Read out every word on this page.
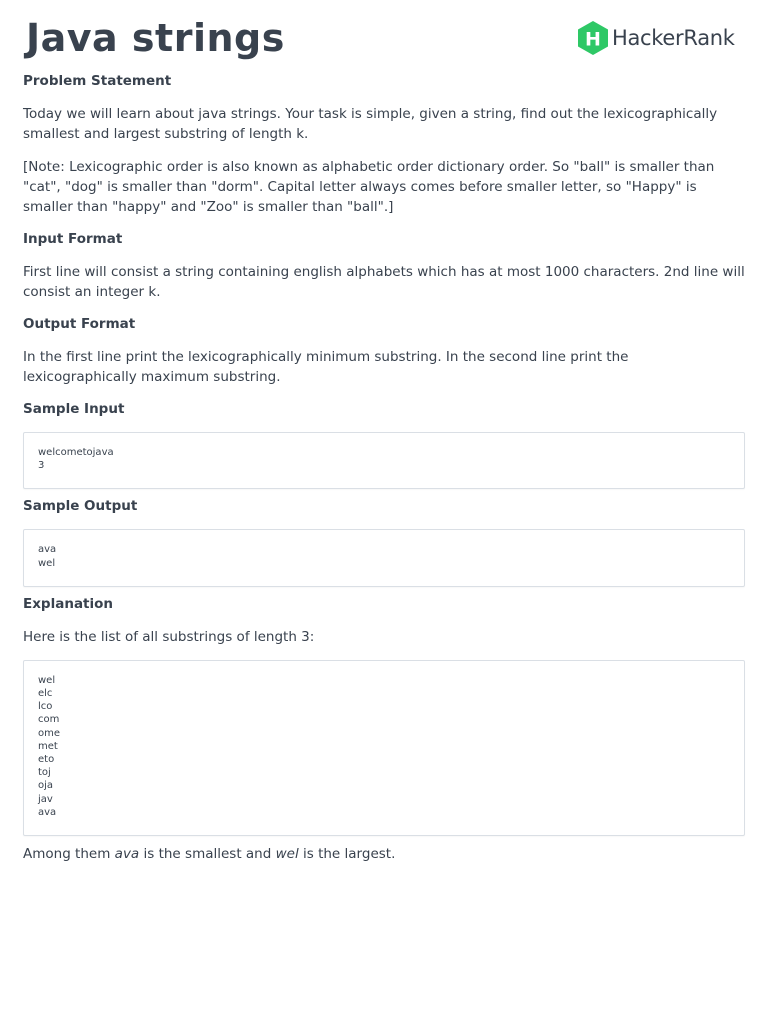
Java strings	H HackerRank
Problem Statement

Today we will learn about java strings. Your task is simple, given a string, find out the lexicographically smallest and largest substring of length k.

[Note: Lexicographic order is also known as alphabetic order dictionary order. So "ball" is smaller than "cat", "dog" is smaller than "dorm". Capital letter always comes before smaller letter, so "Happy" is smaller than "happy" and "Zoo" is smaller than "ball".]

Input Format

First line will consist a string containing english alphabets which has at most 1000 characters. 2nd line will consist an integer k.

Output Format

In the first line print the lexicographically minimum substring. In the second line print the lexicographically maximum substring.

Sample Input
welcometojava
3
Sample Output
ava
wel
Explanation

Here is the list of all substrings of length 3:

wel
elc
lco
com
ome
met
eto
toj
oja
jav
ava

Among them ava is the smallest and wel is the largest.
